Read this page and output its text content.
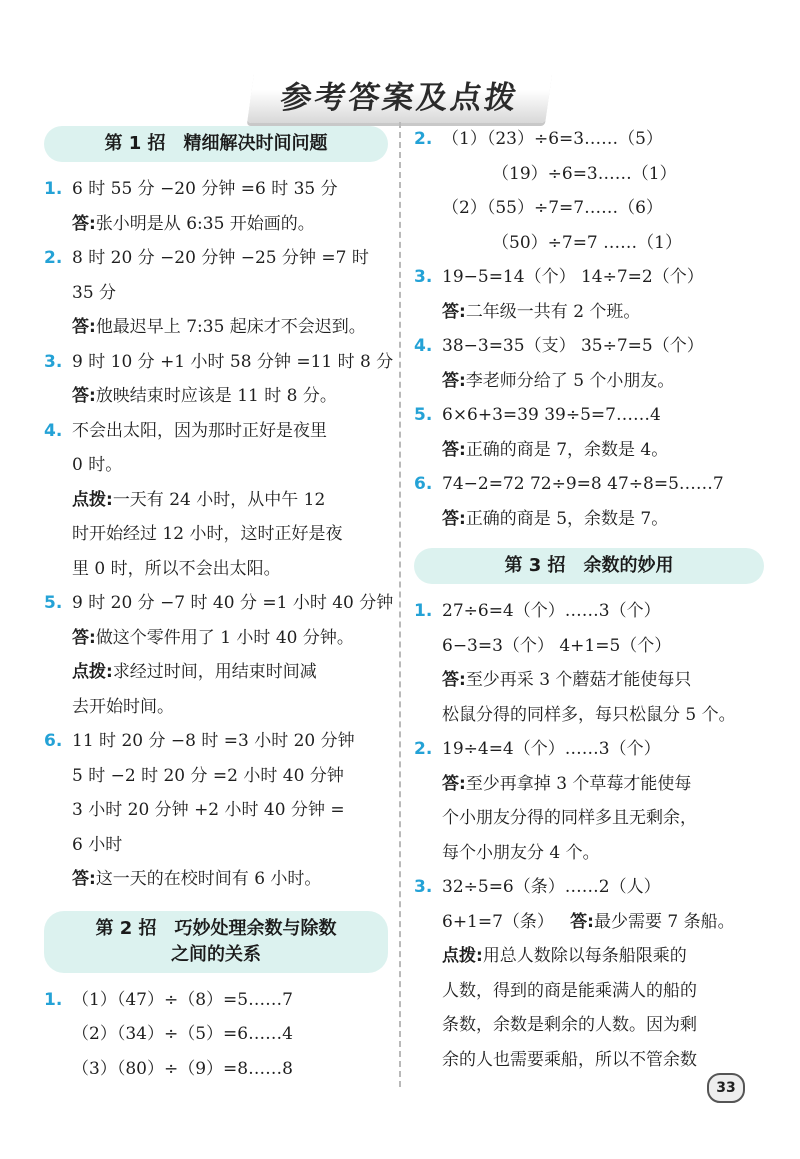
参考答案及点拨
第 1 招 精细解决时间问题
1. 6 时 55 分 −20 分钟 =6 时 35 分
答:张小明是从 6:35 开始画的。
2. 8 时 20 分 −20 分钟 −25 分钟 =7 时
35 分
答:他最迟早上 7:35 起床才不会迟到。
3. 9 时 10 分 +1 小时 58 分钟 =11 时 8 分
答:放映结束时应该是 11 时 8 分。
4. 不会出太阳，因为那时正好是夜里
0 时。
点拨:一天有 24 小时，从中午 12
时开始经过 12 小时，这时正好是夜
里 0 时，所以不会出太阳。
5. 9 时 20 分 −7 时 40 分 =1 小时 40 分钟
答:做这个零件用了 1 小时 40 分钟。
点拨:求经过时间，用结束时间减
去开始时间。
6. 11 时 20 分 −8 时 =3 小时 20 分钟
5 时 −2 时 20 分 =2 小时 40 分钟
3 小时 20 分钟 +2 小时 40 分钟 =
6 小时
答:这一天的在校时间有 6 小时。
第 2 招 巧妙处理余数与除数
之间的关系
1. （1）（47）÷（8）=5……7
（2）（34）÷（5）=6……4
（3）（80）÷（9）=8……8
2. （1）（23）÷6=3……（5）
（19）÷6=3……（1）
（2）（55）÷7=7……（6）
（50）÷7=7 ……（1）
3. 19−5=14（个） 14÷7=2（个）
答:二年级一共有 2 个班。
4. 38−3=35（支） 35÷7=5（个）
答:李老师分给了 5 个小朋友。
5. 6×6+3=39 39÷5=7……4
答:正确的商是 7，余数是 4。
6. 74−2=72 72÷9=8 47÷8=5……7
答:正确的商是 5，余数是 7。
第 3 招 余数的妙用
1. 27÷6=4（个）……3（个）
6−3=3（个） 4+1=5（个）
答:至少再采 3 个蘑菇才能使每只
松鼠分得的同样多，每只松鼠分 5 个。
2. 19÷4=4（个）……3（个）
答:至少再拿掉 3 个草莓才能使每
个小朋友分得的同样多且无剩余，
每个小朋友分 4 个。
3. 32÷5=6（条）……2（人）
6+1=7（条） 答:最少需要 7 条船。
点拨:用总人数除以每条船限乘的
人数，得到的商是能乘满人的船的
条数，余数是剩余的人数。因为剩
余的人也需要乘船，所以不管余数
33
